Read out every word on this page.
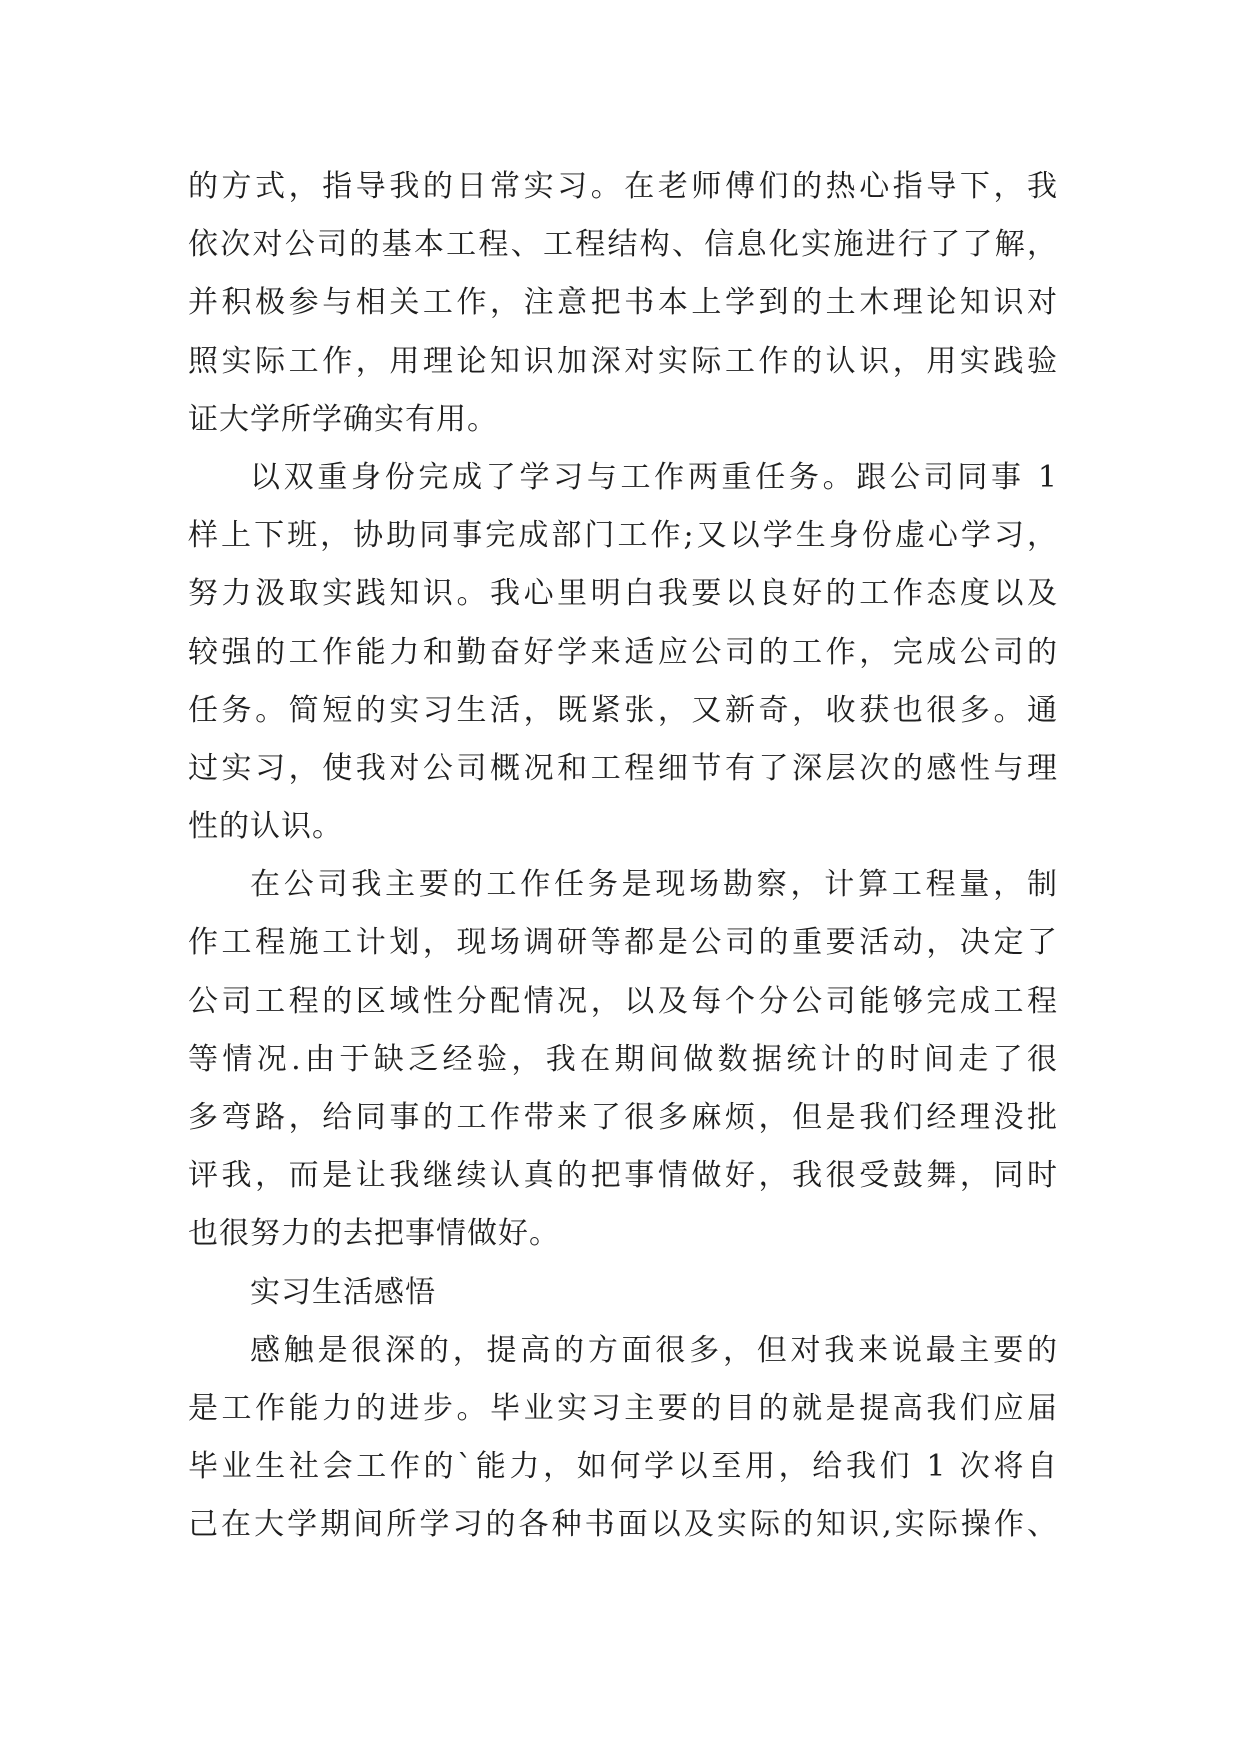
的方式，指导我的日常实习。在老师傅们的热心指导下，我
依次对公司的基本工程、工程结构、信息化实施进行了了解，
并积极参与相关工作，注意把书本上学到的土木理论知识对
照实际工作，用理论知识加深对实际工作的认识，用实践验
证大学所学确实有用。
以双重身份完成了学习与工作两重任务。跟公司同事 1
样上下班，协助同事完成部门工作;又以学生身份虚心学习，
努力汲取实践知识。我心里明白我要以良好的工作态度以及
较强的工作能力和勤奋好学来适应公司的工作，完成公司的
任务。简短的实习生活，既紧张，又新奇，收获也很多。通
过实习，使我对公司概况和工程细节有了深层次的感性与理
性的认识。
在公司我主要的工作任务是现场勘察，计算工程量，制
作工程施工计划，现场调研等都是公司的重要活动，决定了
公司工程的区域性分配情况，以及每个分公司能够完成工程
等情况.由于缺乏经验，我在期间做数据统计的时间走了很
多弯路，给同事的工作带来了很多麻烦，但是我们经理没批
评我，而是让我继续认真的把事情做好，我很受鼓舞，同时
也很努力的去把事情做好。
实习生活感悟
感触是很深的，提高的方面很多，但对我来说最主要的
是工作能力的进步。毕业实习主要的目的就是提高我们应届
毕业生社会工作的`能力，如何学以至用，给我们 1 次将自
己在大学期间所学习的各种书面以及实际的知识,实际操作、
